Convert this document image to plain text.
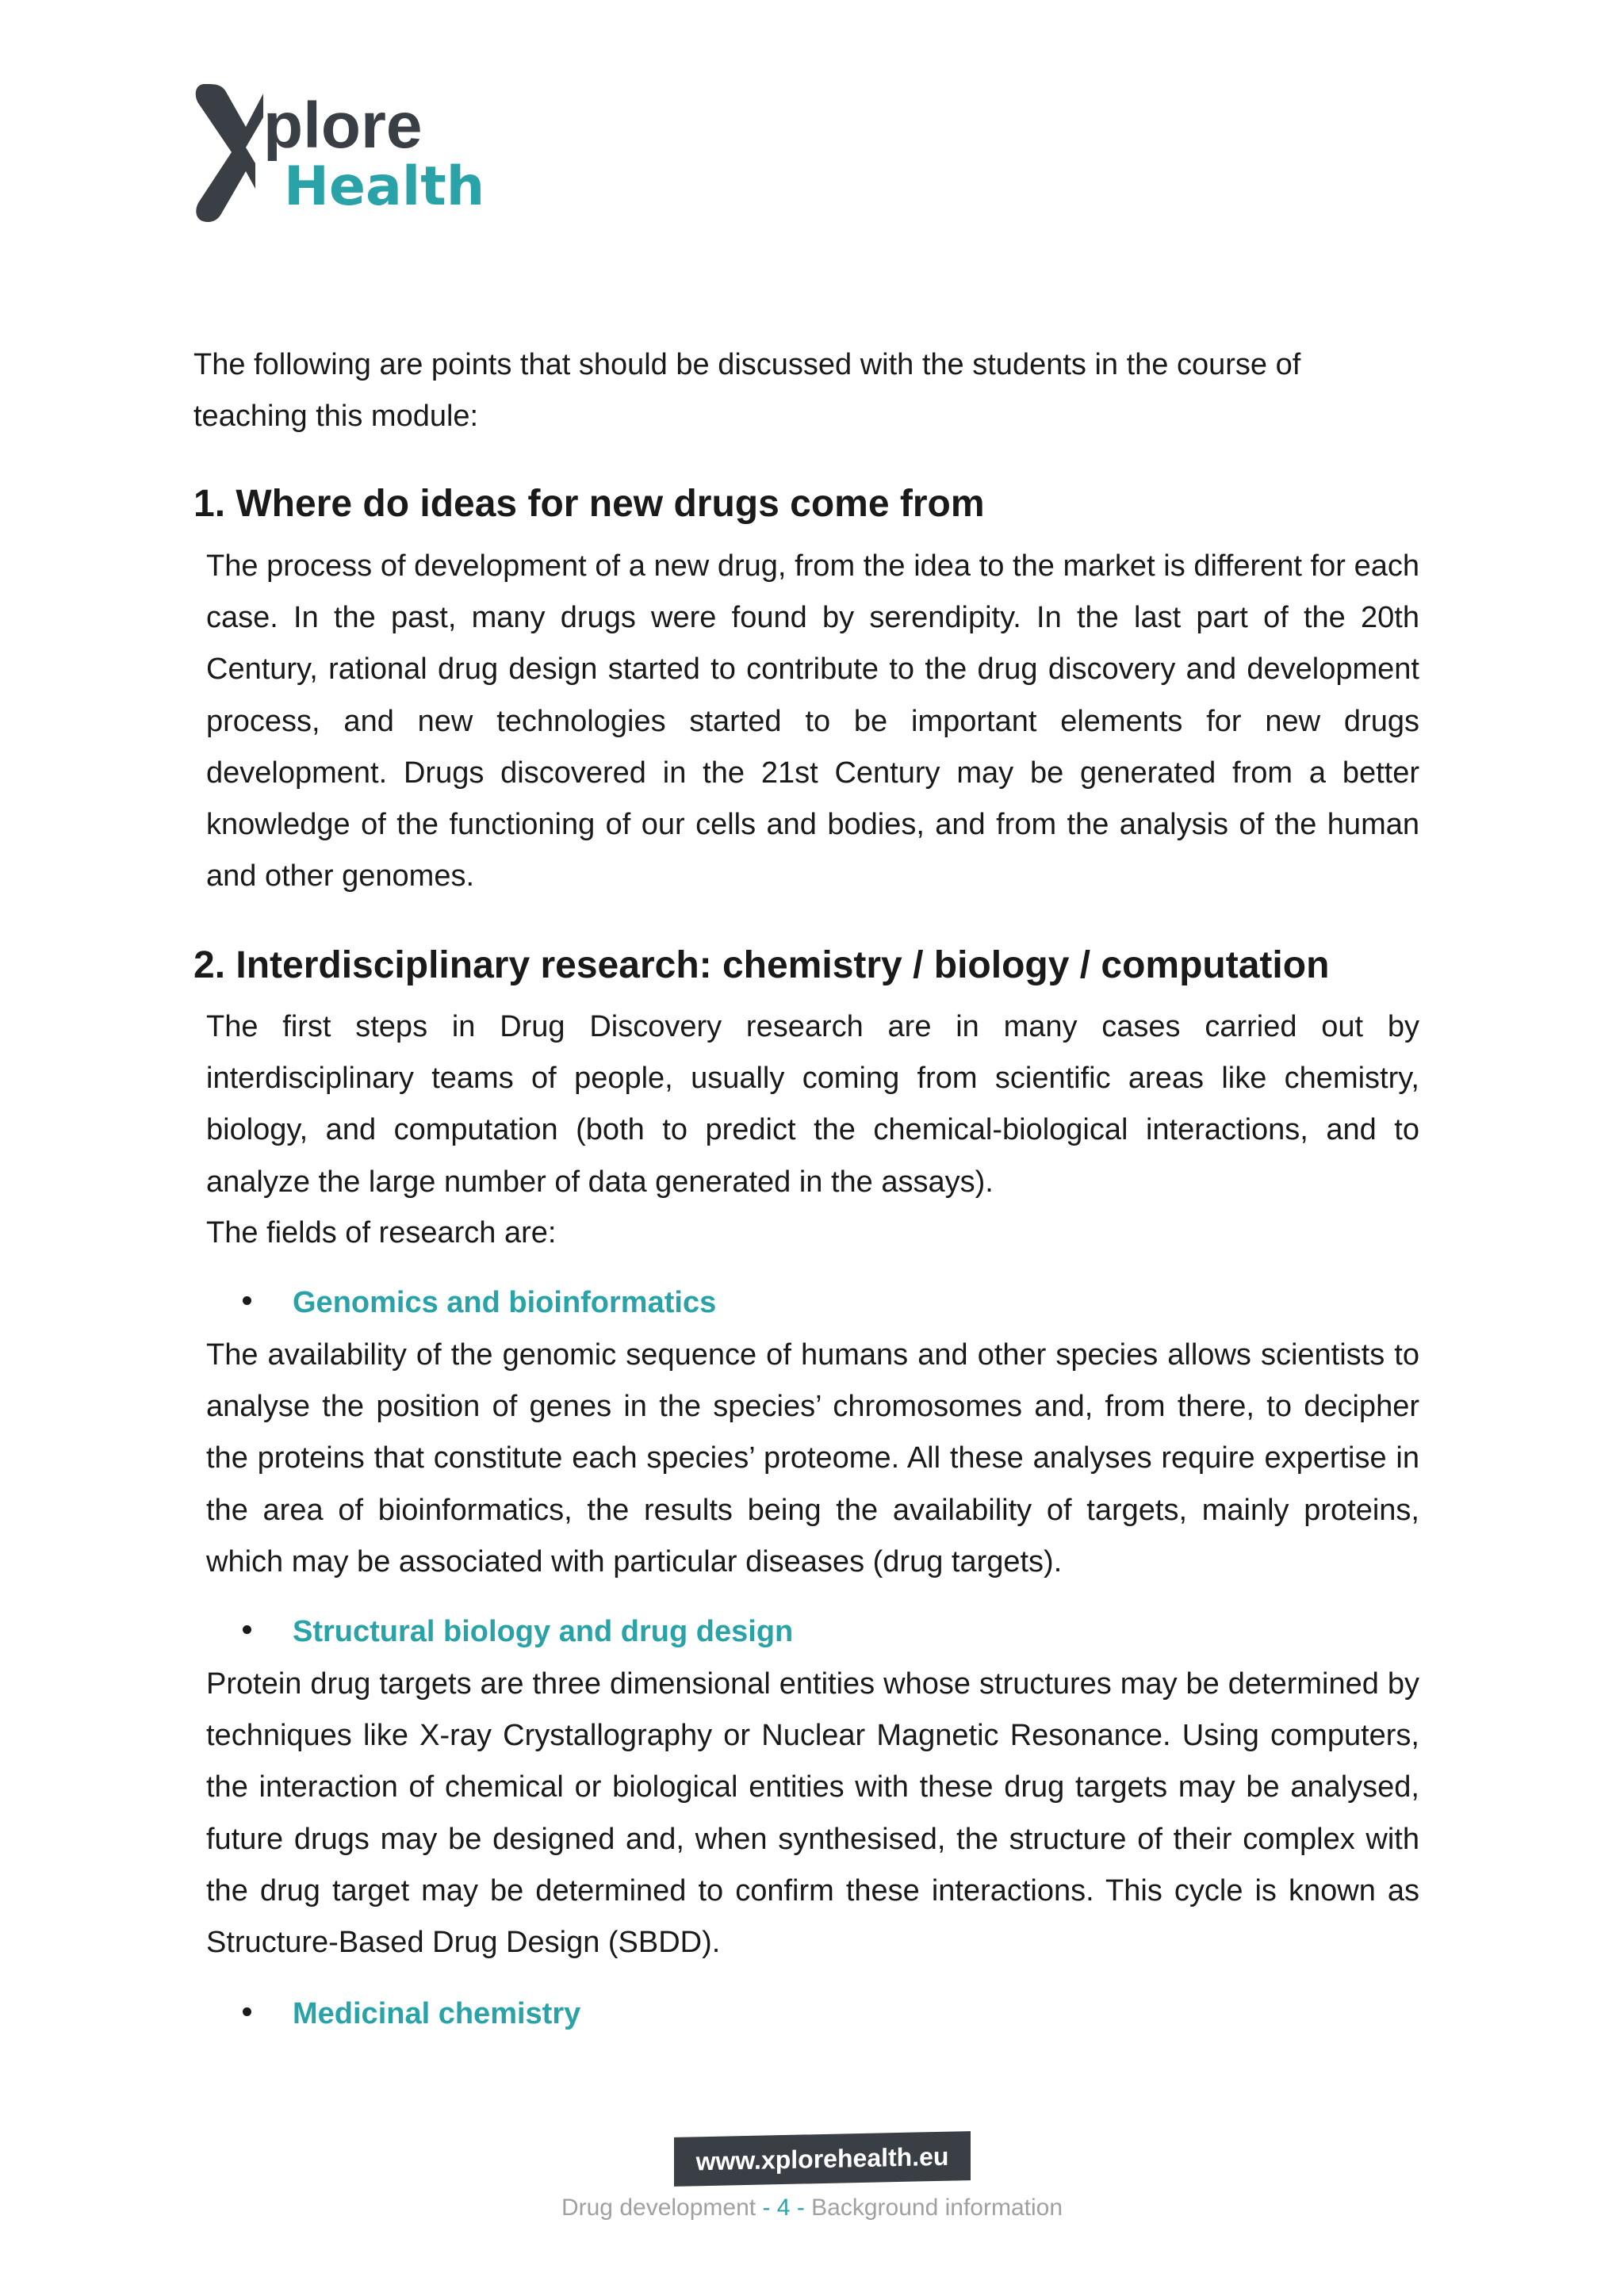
plore
Health

The following are points that should be discussed with the students in the course of teaching this module:

1. Where do ideas for new drugs come from

The process of development of a new drug, from the idea to the market is different for each case. In the past, many drugs were found by serendipity. In the last part of the 20th Century, rational drug design started to contribute to the drug discovery and development process, and new technologies started to be important elements for new drugs development. Drugs discovered in the 21st Century may be generated from a better knowledge of the functioning of our cells and bodies, and from the analysis of the human and other genomes.

2. Interdisciplinary research: chemistry / biology / computation

The first steps in Drug Discovery research are in many cases carried out by interdisciplinary teams of people, usually coming from scientific areas like chemistry, biology, and computation (both to predict the chemical-biological interactions, and to analyze the large number of data generated in the assays).

The fields of research are:

Genomics and bioinformatics

The availability of the genomic sequence of humans and other species allows scientists to analyse the position of genes in the species’ chromosomes and, from there, to decipher the proteins that constitute each species’ proteome. All these analyses require expertise in the area of bioinformatics, the results being the availability of targets, mainly proteins, which may be associated with particular diseases (drug targets).

Structural biology and drug design

Protein drug targets are three dimensional entities whose structures may be determined by techniques like X-ray Crystallography or Nuclear Magnetic Resonance. Using computers, the interaction of chemical or biological entities with these drug targets may be analysed, future drugs may be designed and, when synthesised, the structure of their complex with the drug target may be determined to confirm these interactions. This cycle is known as Structure-Based Drug Design (SBDD).

Medicinal chemistry
www.xplorehealth.eu
Drug development - 4 - Background information
